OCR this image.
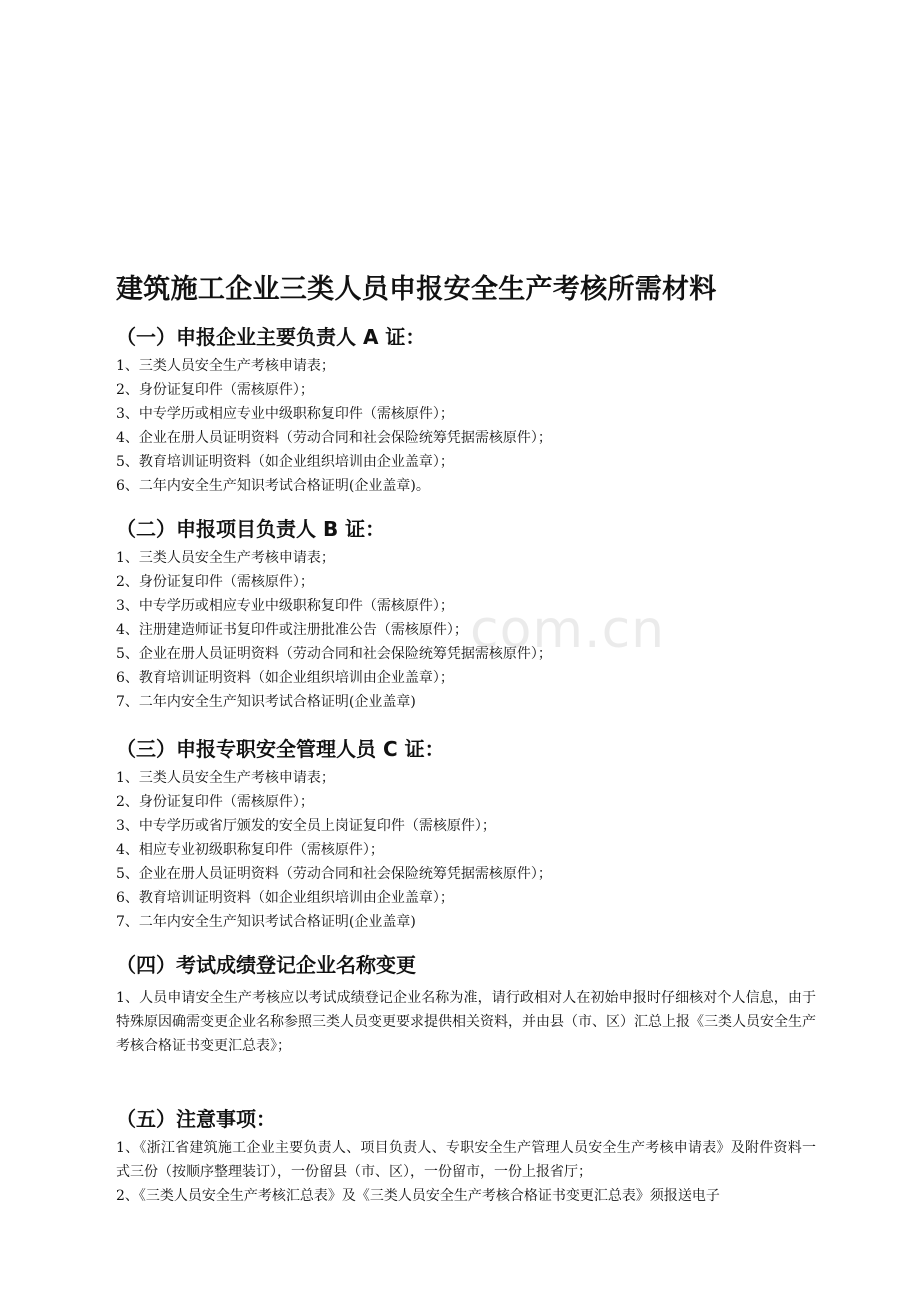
com.cn
建筑施工企业三类人员申报安全生产考核所需材料
（一）申报企业主要负责人 A 证：
1、三类人员安全生产考核申请表；
2、身份证复印件（需核原件）；
3、中专学历或相应专业中级职称复印件（需核原件）；
4、企业在册人员证明资料（劳动合同和社会保险统筹凭据需核原件）；
5、教育培训证明资料（如企业组织培训由企业盖章）；
6、二年内安全生产知识考试合格证明(企业盖章)。
（二）申报项目负责人 B 证：
1、三类人员安全生产考核申请表；
2、身份证复印件（需核原件）；
3、中专学历或相应专业中级职称复印件（需核原件）；
4、注册建造师证书复印件或注册批准公告（需核原件）；
5、企业在册人员证明资料（劳动合同和社会保险统筹凭据需核原件）；
6、教育培训证明资料（如企业组织培训由企业盖章）；
7、二年内安全生产知识考试合格证明(企业盖章)
（三）申报专职安全管理人员 C 证：
1、三类人员安全生产考核申请表；
2、身份证复印件（需核原件）；
3、中专学历或省厅颁发的安全员上岗证复印件（需核原件）；
4、相应专业初级职称复印件（需核原件）；
5、企业在册人员证明资料（劳动合同和社会保险统筹凭据需核原件）；
6、教育培训证明资料（如企业组织培训由企业盖章）；
7、二年内安全生产知识考试合格证明(企业盖章)
（四）考试成绩登记企业名称变更

1、人员申请安全生产考核应以考试成绩登记企业名称为准，请行政相对人在初始申报时仔细核对个人信息，由于特殊原因确需变更企业名称参照三类人员变更要求提供相关资料，并由县（市、区）汇总上报《三类人员安全生产考核合格证书变更汇总表》；

（五）注意事项：

1、《浙江省建筑施工企业主要负责人、项目负责人、专职安全生产管理人员安全生产考核申请表》及附件资料一式三份（按顺序整理装订），一份留县（市、区），一份留市，一份上报省厅；

2、《三类人员安全生产考核汇总表》及《三类人员安全生产考核合格证书变更汇总表》须报送电子
